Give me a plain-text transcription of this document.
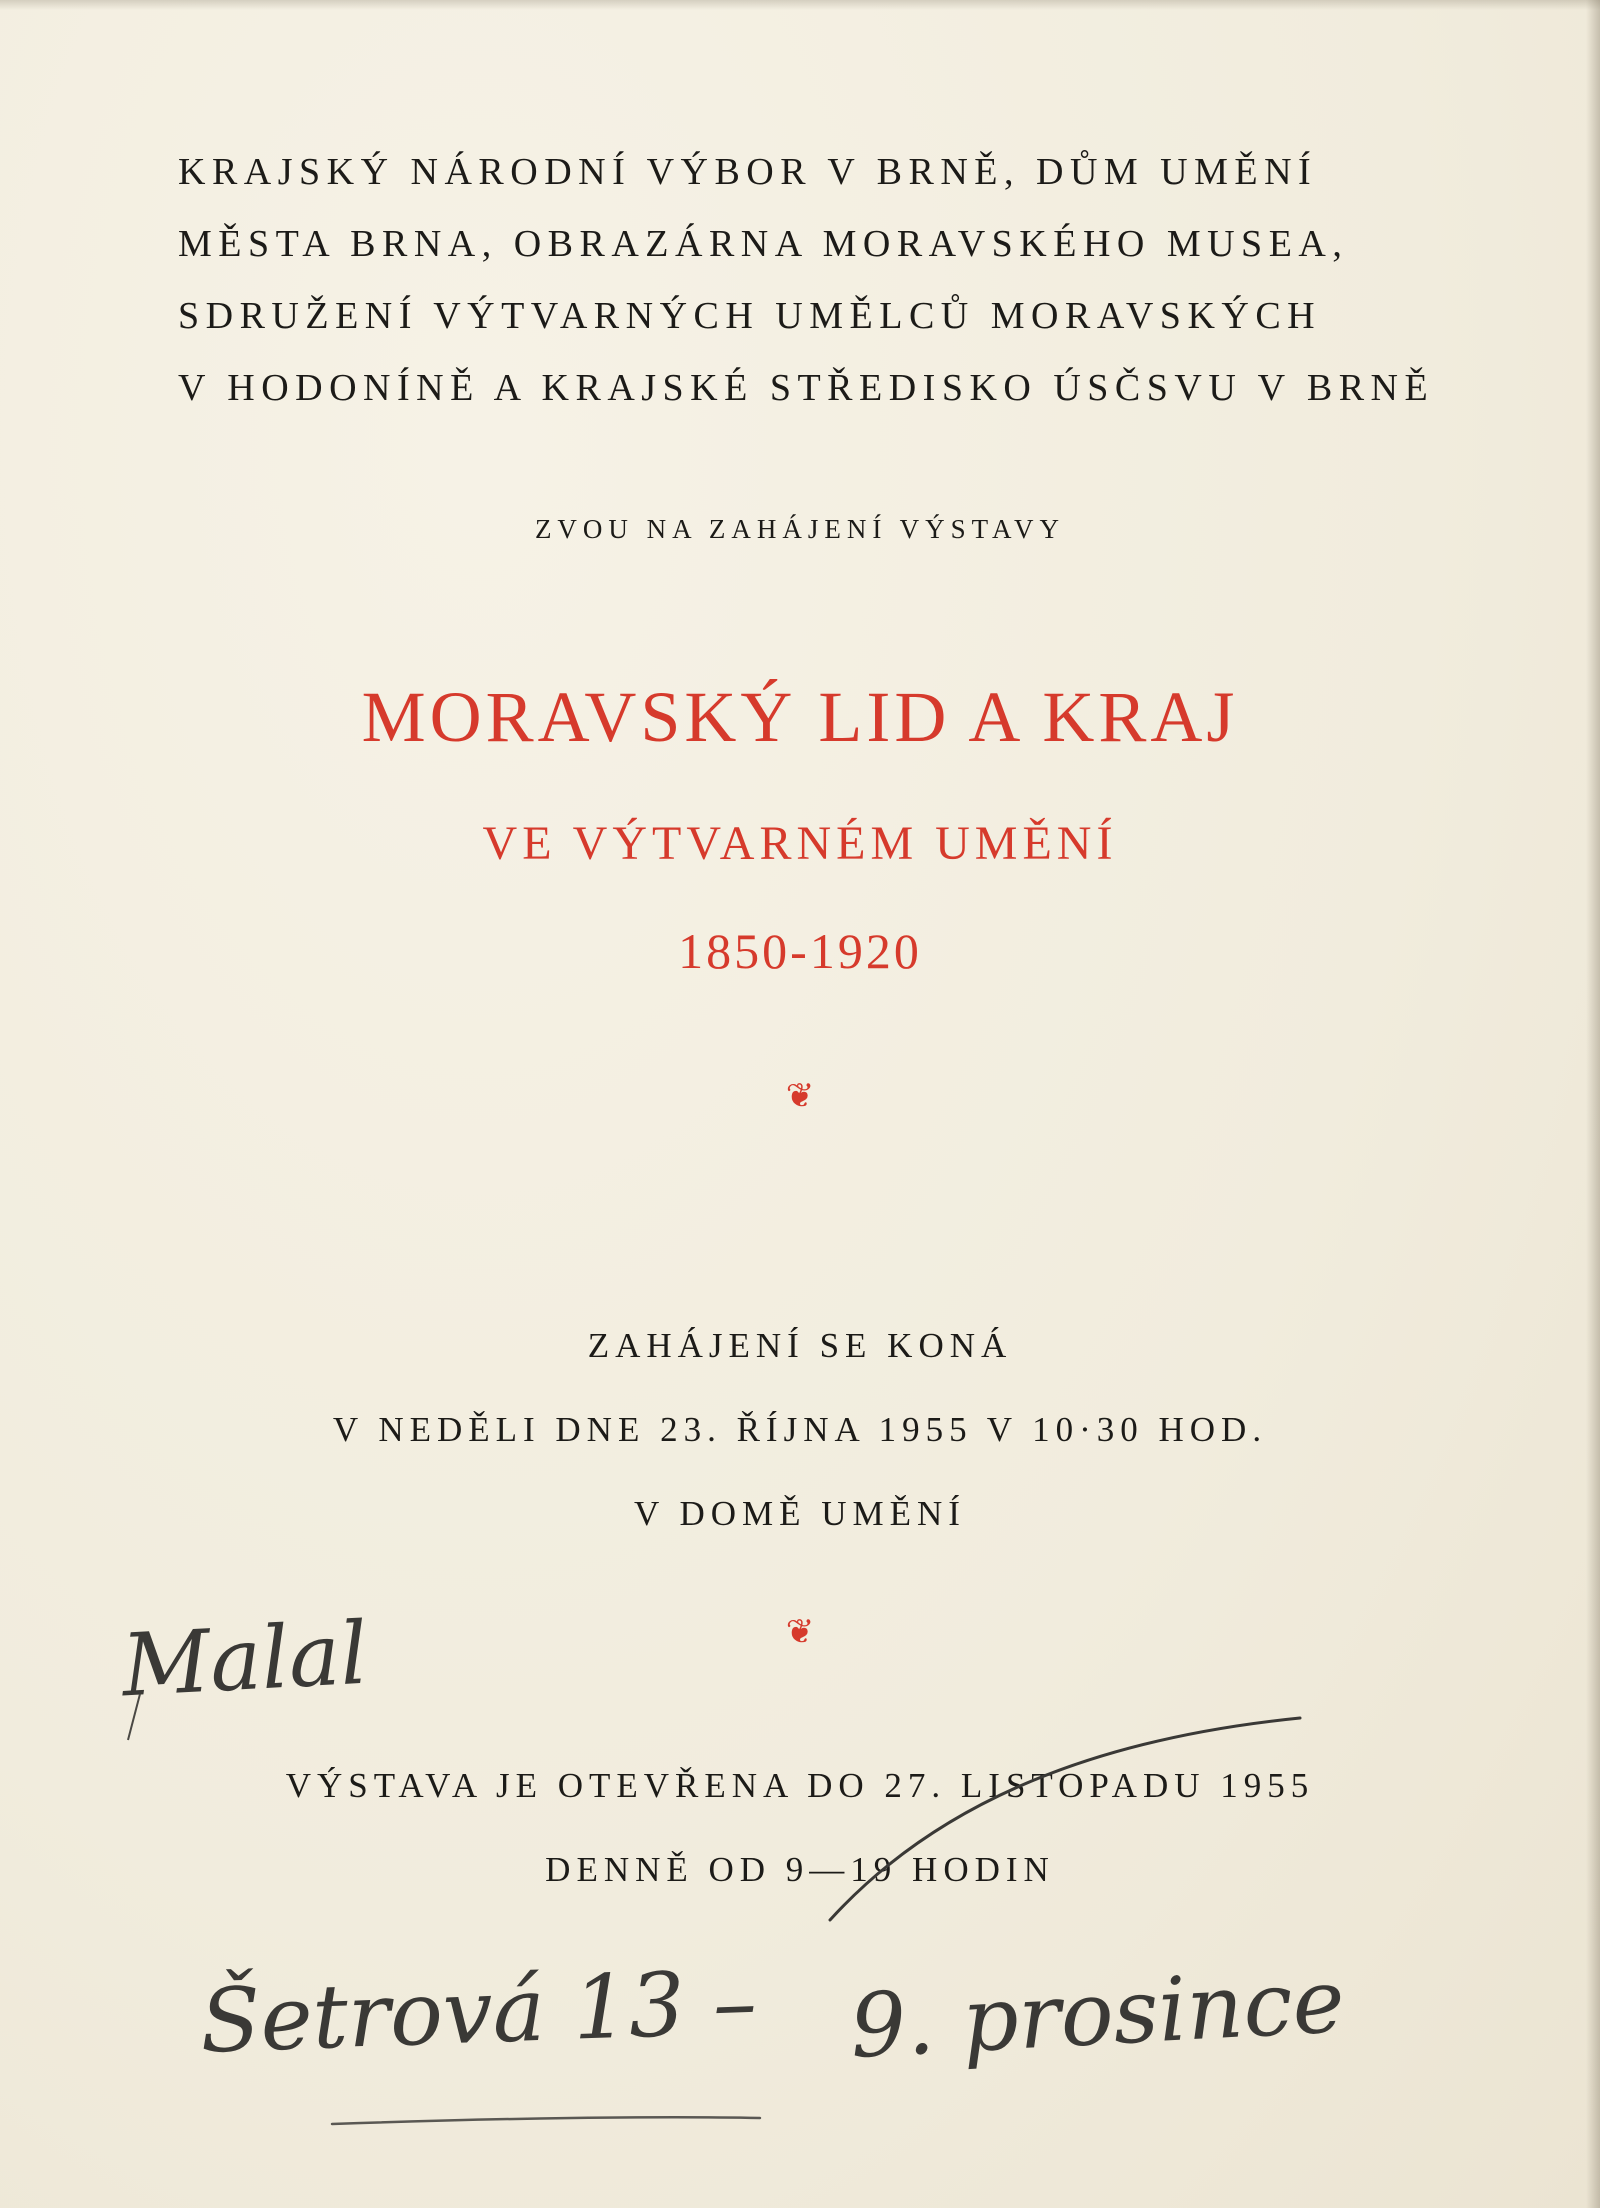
KRAJSKÝ NÁRODNÍ VÝBOR V BRNĚ, DŮM UMĚNÍ
MĚSTA BRNA, OBRAZÁRNA MORAVSKÉHO MUSEA,
SDRUŽENÍ VÝTVARNÝCH UMĚLCŮ MORAVSKÝCH
V HODONÍNĚ A KRAJSKÉ STŘEDISKO ÚSČSVU V BRNĚ
ZVOU NA ZAHÁJENÍ VÝSTAVY
MORAVSKÝ LID A KRAJ
VE VÝTVARNÉM UMĚNÍ
1850-1920
❦
ZAHÁJENÍ SE KONÁ
V NEDĚLI DNE 23. ŘÍJNA 1955 V 10·30 HOD.
V DOMĚ UMĚNÍ
❦
Malal
VÝSTAVA JE OTEVŘENA DO 27. LISTOPADU 1955
DENNĚ OD 9—19 HODIN
Šetrová 13 – 9. prosince
